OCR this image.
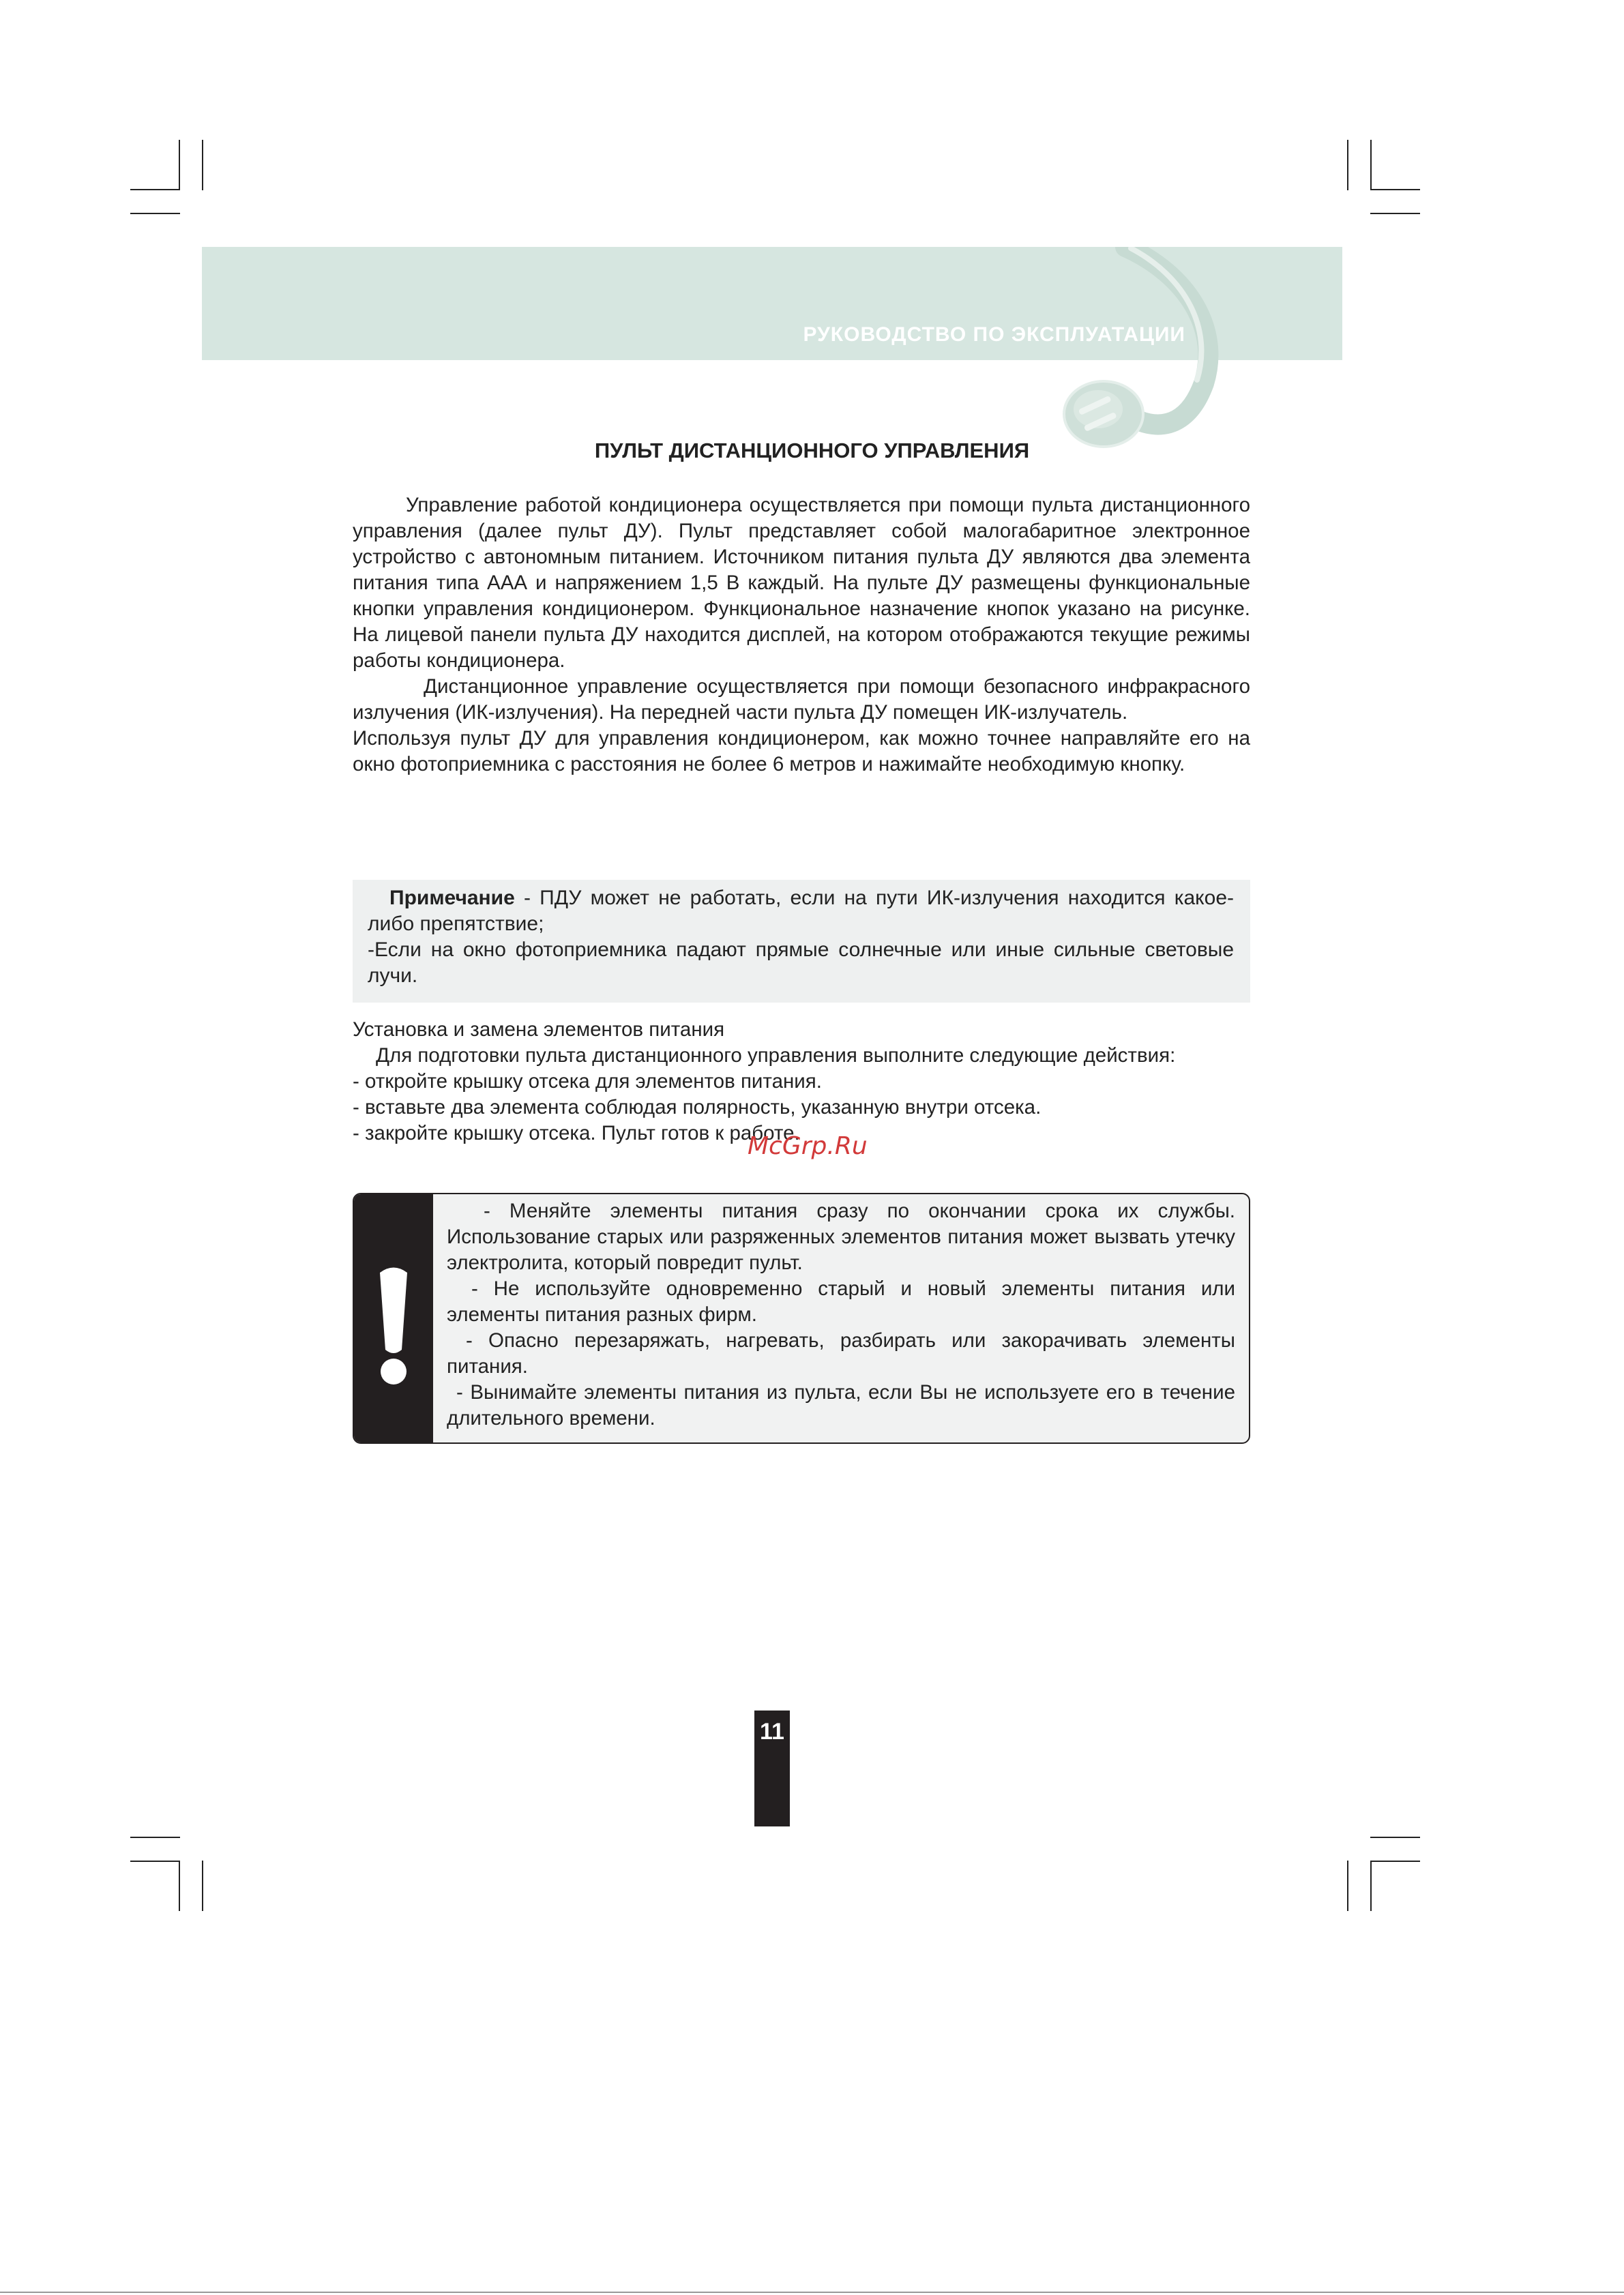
РУКОВОДСТВО ПО ЭКСПЛУАТАЦИИ
ПУЛЬТ ДИСТАНЦИОННОГО УПРАВЛЕНИЯ

Управление работой кондиционера осуществляется при помощи пульта дистанционного управления (далее пульт ДУ). Пульт представляет собой малогабаритное электронное устройство с автономным питанием. Источником питания пульта ДУ являются два элемента питания типа ААА и напряжением 1,5 В каждый. На пульте ДУ размещены функциональные кнопки управления кондиционером. Функциональное назначение кнопок указано на рисунке. На лицевой панели пульта ДУ находится дисплей, на котором отображаются текущие режимы работы кондиционера.

Дистанционное управление осуществляется при помощи безопасного инфракрасного излучения (ИК-излучения). На передней части пульта ДУ помещен ИК-излучатель.

Используя пульт ДУ для управления кондиционером, как можно точнее направляйте его на окно фотоприемника с расстояния не более 6 метров и нажимайте необходимую кнопку.

Примечание - ПДУ может не работать, если на пути ИК-излучения находится какое-либо препятствие;

-Если на окно фотоприемника падают прямые солнечные или иные сильные световые лучи.

Установка и замена элементов питания

Для подготовки пульта дистанционного управления выполните следующие действия:

- откройте крышку отсека для элементов питания.

- вставьте два элемента соблюдая полярность, указанную внутри отсека.

- закройте крышку отсека. Пульт готов к работе.

McGrp.Ru

- Меняйте элементы питания сразу по окончании срока их службы. Использование старых или разряженных элементов питания может вызвать утечку электролита, который повредит пульт.

- Не используйте одновременно старый и новый элементы питания или элементы питания разных фирм.

- Опасно перезаряжать, нагревать, разбирать или закорачивать элементы питания.

- Вынимайте элементы питания из пульта, если Вы не используете его в течение длительного времени.

11
